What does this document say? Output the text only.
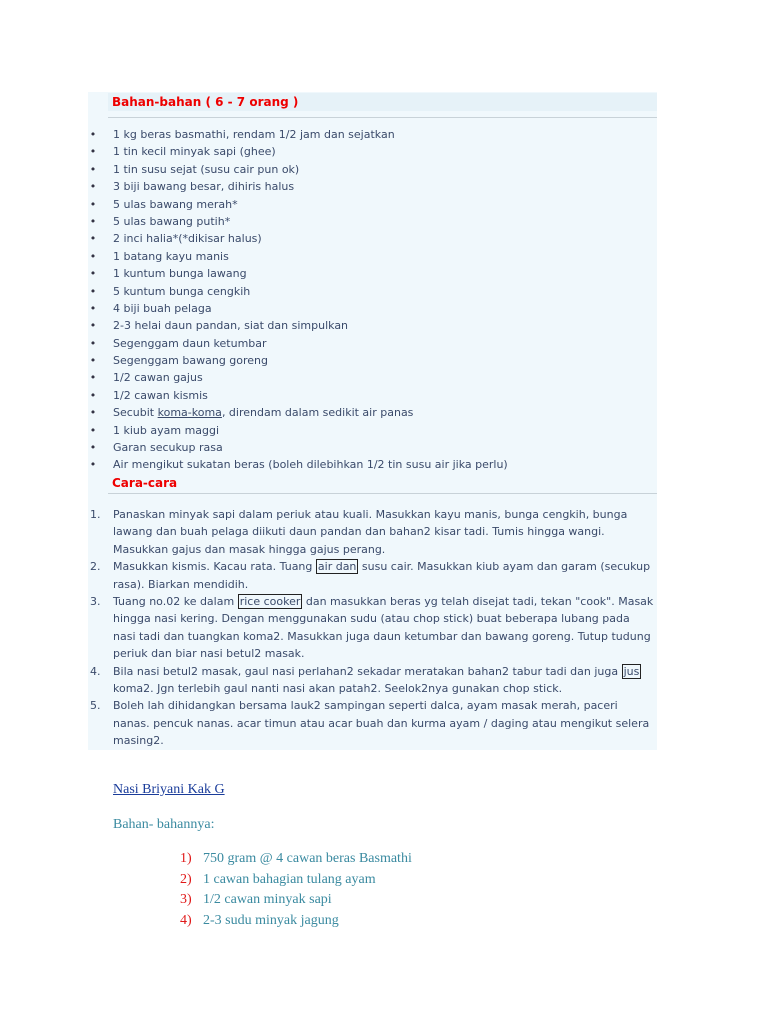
Bahan-bahan ( 6 - 7 orang )
• 1 kg beras basmathi, rendam 1/2 jam dan sejatkan
• 1 tin kecil minyak sapi (ghee)
• 1 tin susu sejat (susu cair pun ok)
• 3 biji bawang besar, dihiris halus
• 5 ulas bawang merah*
• 5 ulas bawang putih*
• 2 inci halia*(*dikisar halus)
• 1 batang kayu manis
• 1 kuntum bunga lawang
• 5 kuntum bunga cengkih
• 4 biji buah pelaga
• 2-3 helai daun pandan, siat dan simpulkan
• Segenggam daun ketumbar
• Segenggam bawang goreng
• 1/2 cawan gajus
• 1/2 cawan kismis
• Secubit koma-koma, direndam dalam sedikit air panas
• 1 kiub ayam maggi
• Garan secukup rasa
• Air mengikut sukatan beras (boleh dilebihkan 1/2 tin susu air jika perlu)
Cara-cara
1. Panaskan minyak sapi dalam periuk atau kuali. Masukkan kayu manis, bunga cengkih, bunga lawang dan buah pelaga diikuti daun pandan dan bahan2 kisar tadi. Tumis hingga wangi. Masukkan gajus dan masak hingga gajus perang.
2. Masukkan kismis. Kacau rata. Tuang air dan susu cair. Masukkan kiub ayam dan garam (secukup rasa). Biarkan mendidih.
3. Tuang no.02 ke dalam rice cooker dan masukkan beras yg telah disejat tadi, tekan "cook". Masak hingga nasi kering. Dengan menggunakan sudu (atau chop stick) buat beberapa lubang pada nasi tadi dan tuangkan koma2. Masukkan juga daun ketumbar dan bawang goreng. Tutup tudung periuk dan biar nasi betul2 masak.
4. Bila nasi betul2 masak, gaul nasi perlahan2 sekadar meratakan bahan2 tabur tadi dan juga jus koma2. Jgn terlebih gaul nanti nasi akan patah2. Seelok2nya gunakan chop stick.
5. Boleh lah dihidangkan bersama lauk2 sampingan seperti dalca, ayam masak merah, paceri nanas. pencuk nanas. acar timun atau acar buah dan kurma ayam / daging atau mengikut selera masing2.
Nasi Briyani Kak G
Bahan- bahannya:
1) 750 gram @ 4 cawan beras Basmathi
2) 1 cawan bahagian tulang ayam
3) 1/2 cawan minyak sapi
4) 2-3 sudu minyak jagung
